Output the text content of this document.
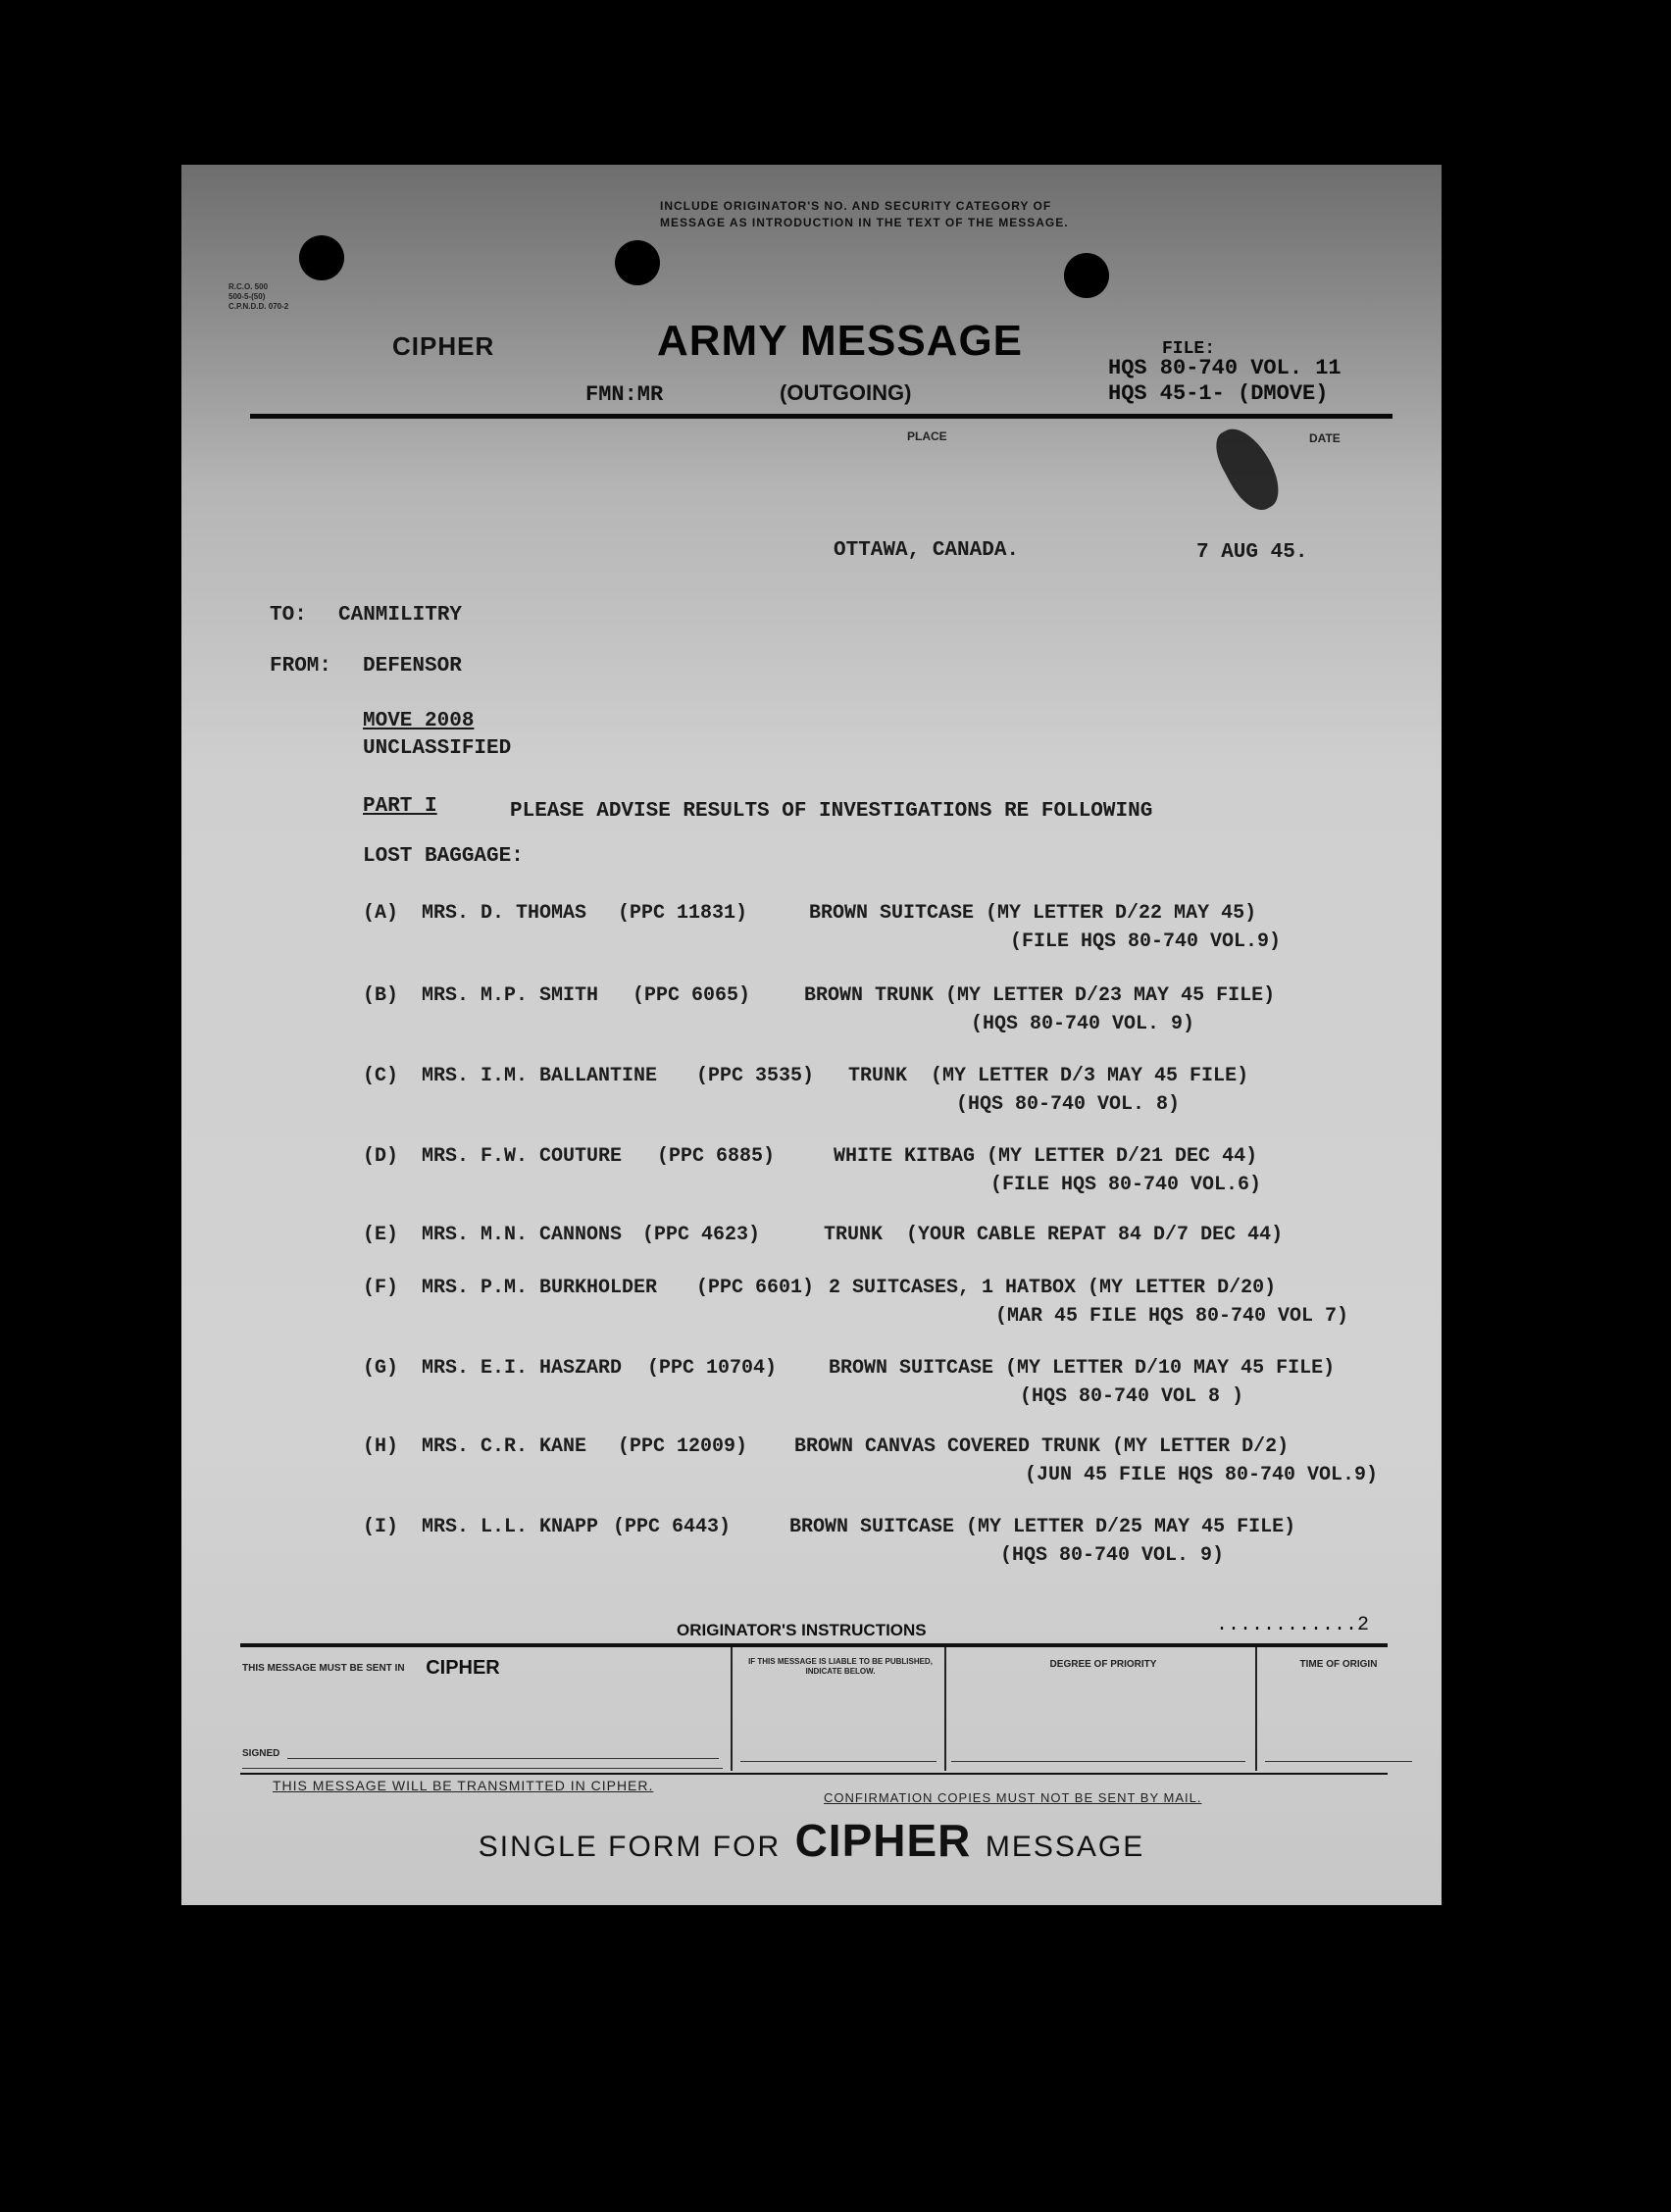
INCLUDE ORIGINATOR'S NO. AND SECURITY CATEGORY OF MESSAGE AS INTRODUCTION IN THE TEXT OF THE MESSAGE.
R.C.O. 500
500-5-(50)
C.P.N.D.D. 070-2
CIPHER	ARMY MESSAGE
FMN:MR	(OUTGOING)
FILE:
HQS 80-740 VOL. 11
HQS 45-1- (DMOVE)
PLACE	DATE
OTTAWA, CANADA.	7 AUG 45.
TO: CANMILITRY
FROM: DEFENSOR
MOVE 2008
UNCLASSIFIED
PART I	PLEASE ADVISE RESULTS OF INVESTIGATIONS RE FOLLOWING
LOST BAGGAGE:
(A) MRS. D. THOMAS (PPC 11831)	BROWN SUITCASE (MY LETTER D/22 MAY 45)
(FILE HQS 80-740 VOL.9)
(B) MRS. M.P. SMITH (PPC 6065)	BROWN TRUNK (MY LETTER D/23 MAY 45 FILE)
(HQS 80-740 VOL. 9)
(C) MRS. I.M. BALLANTINE (PPC 3535) TRUNK  (MY LETTER D/3 MAY 45 FILE)
(HQS 80-740 VOL. 8)
(D) MRS. F.W. COUTURE (PPC 6885)	WHITE KITBAG (MY LETTER D/21 DEC 44)
(FILE HQS 80-740 VOL.6)
(E) MRS. M.N. CANNONS (PPC 4623)	TRUNK  (YOUR CABLE REPAT 84 D/7 DEC 44)
(F) MRS. P.M. BURKHOLDER (PPC 6601) 2 SUITCASES, 1 HATBOX (MY LETTER D/20)
(MAR 45 FILE HQS 80-740 VOL 7)
(G) MRS. E.I. HASZARD (PPC 10704)	BROWN SUITCASE (MY LETTER D/10 MAY 45 FILE)
(HQS 80-740 VOL 8 )
(H) MRS. C.R. KANE (PPC 12009) BROWN CANVAS COVERED TRUNK (MY LETTER D/2)
(JUN 45 FILE HQS 80-740 VOL.9)
(I) MRS. L.L. KNAPP (PPC 6443)	BROWN SUITCASE (MY LETTER D/25 MAY 45 FILE)
(HQS 80-740 VOL. 9)
ORIGINATOR'S INSTRUCTIONS	............2
THIS MESSAGE MUST BE SENT IN CIPHER
SIGNED
IF THIS MESSAGE IS LIABLE TO BE PUBLISHED, INDICATE BELOW.
DEGREE OF PRIORITY	TIME OF ORIGIN
THIS MESSAGE WILL BE TRANSMITTED IN CIPHER.
CONFIRMATION COPIES MUST NOT BE SENT BY MAIL.
SINGLE FORM FOR CIPHER MESSAGE
